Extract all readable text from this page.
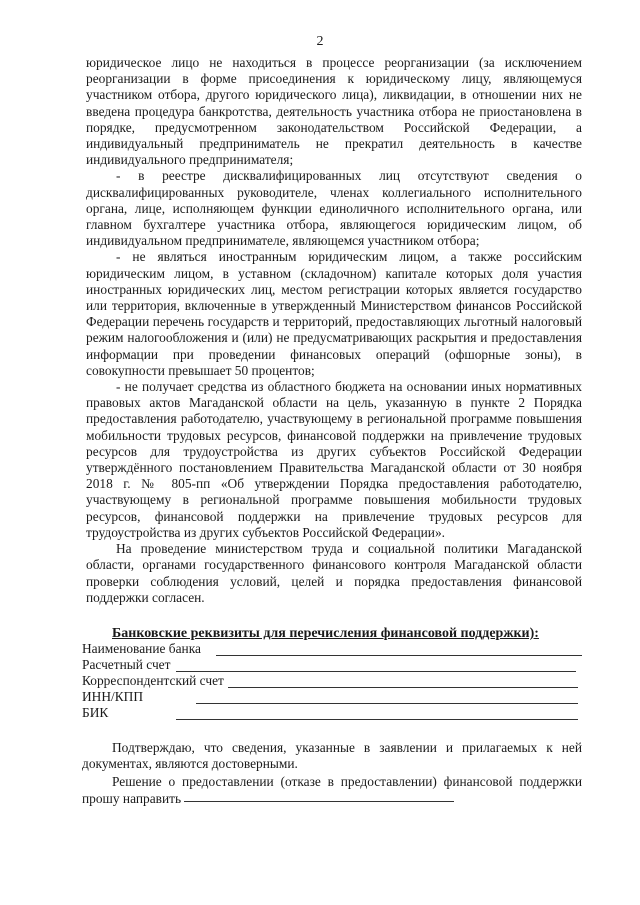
2

юридическое лицо не находиться в процессе реорганизации (за исключением реорганизации в форме присоединения к юридическому лицу, являющемуся участником отбора, другого юридического лица), ликвидации, в отношении них не введена процедура банкротства, деятельность участника отбора не приостановлена в порядке, предусмотренном законодательством Российской Федерации, а индивидуальный предприниматель не прекратил деятельность в качестве индивидуального предпринимателя;

- в реестре дисквалифицированных лиц отсутствуют сведения о дисквалифицированных руководителе, членах коллегиального исполнительного органа, лице, исполняющем функции единоличного исполнительного органа, или главном бухгалтере участника отбора, являющегося юридическим лицом, об индивидуальном предпринимателе, являющемся участником отбора;

- не являться иностранным юридическим лицом, а также российским юридическим лицом, в уставном (складочном) капитале которых доля участия иностранных юридических лиц, местом регистрации которых является государство или территория, включенные в утвержденный Министерством финансов Российской Федерации перечень государств и территорий, предоставляющих льготный налоговый режим налогообложения и (или) не предусматривающих раскрытия и предоставления информации при проведении финансовых операций (офшорные зоны), в совокупности превышает 50 процентов;

- не получает средства из областного бюджета на основании иных нормативных правовых актов Магаданской области на цель, указанную в пункте 2 Порядка предоставления работодателю, участвующему в региональной программе повышения мобильности трудовых ресурсов, финансовой поддержки на привлечение трудовых ресурсов для трудоустройства из других субъектов Российской Федерации утверждённого постановлением Правительства Магаданской области от 30 ноября 2018 г. № 805-пп «Об утверждении Порядка предоставления работодателю, участвующему в региональной программе повышения мобильности трудовых ресурсов, финансовой поддержки на привлечение трудовых ресурсов для трудоустройства из других субъектов Российской Федерации».

На проведение министерством труда и социальной политики Магаданской области, органами государственного финансового контроля Магаданской области проверки соблюдения условий, целей и порядка предоставления финансовой поддержки согласен.

Банковские реквизиты для перечисления финансовой поддержки):
Наименование банка
Расчетный счет
Корреспондентский счет
ИНН/КПП
БИК

Подтверждаю, что сведения, указанные в заявлении и прилагаемых к ней документах, являются достоверными.

Решение о предоставлении (отказе в предоставлении) финансовой поддержки прошу направить
